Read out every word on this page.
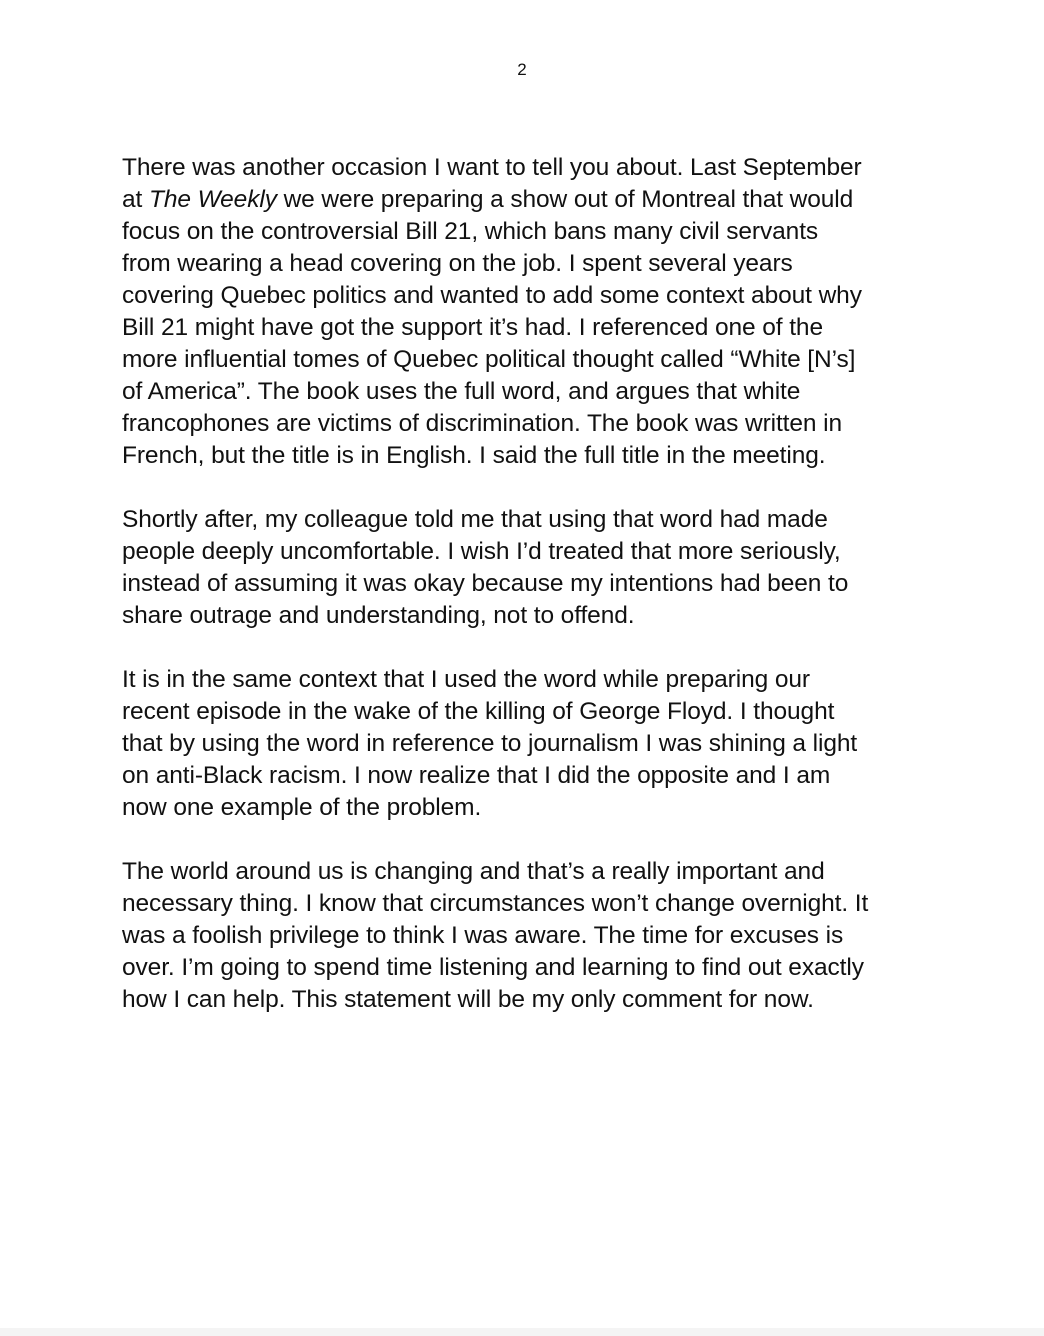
2

There was another occasion I want to tell you about. Last September
at The Weekly we were preparing a show out of Montreal that would
focus on the controversial Bill 21, which bans many civil servants
from wearing a head covering on the job. I spent several years
covering Quebec politics and wanted to add some context about why
Bill 21 might have got the support it’s had. I referenced one of the
more influential tomes of Quebec political thought called “White [N’s]
of America”. The book uses the full word, and argues that white
francophones are victims of discrimination. The book was written in
French, but the title is in English. I said the full title in the meeting.

Shortly after, my colleague told me that using that word had made
people deeply uncomfortable. I wish I’d treated that more seriously,
instead of assuming it was okay because my intentions had been to
share outrage and understanding, not to offend.

It is in the same context that I used the word while preparing our
recent episode in the wake of the killing of George Floyd. I thought
that by using the word in reference to journalism I was shining a light
on anti-Black racism. I now realize that I did the opposite and I am
now one example of the problem.

The world around us is changing and that’s a really important and
necessary thing. I know that circumstances won’t change overnight. It
was a foolish privilege to think I was aware. The time for excuses is
over. I’m going to spend time listening and learning to find out exactly
how I can help. This statement will be my only comment for now.
